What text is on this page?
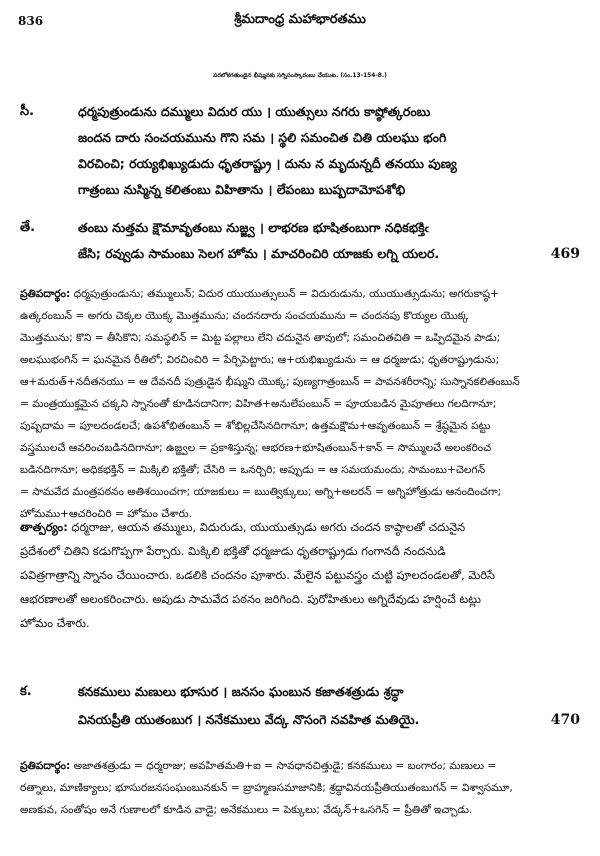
836	శ్రీమదాంధ్ర మహాభారతము
పరలోకగతుండైన భీష్మునకు సగ్నిసంస్కారంబు చేయుట. (సం.13-154-8.)
సీ.	ధర్మపుత్రుండును దమ్ములు విదుర యు । యుత్సులు నగరు కాష్ఠోత్కరంబు
జందన దారు సంచయమును గొని సమ । స్థలి సమంచిత చితి యలఘు భంగి
విరచించి; రయ్యభిఖ్యుడుదు ధృతరాష్ట్రు । దును న మృదున్నదీ తనయు పుణ్య
గాత్రంబు నుస్మిన్న కలితంబు విహితాను । లేపంబు బుష్పదామోపశోభి
తే.	తంబు నుత్తమ క్షౌమావృతంబు నుజ్జ్వ । లాభరణ భూషితంబుగా నధికభక్తిఁ
జేసి; రవ్వుడు సామంబు సెలగ హోమ । మాచరించిరి యాజకు లగ్ని యలర.	469
ప్రతిపదార్థం: ధర్మపుత్రుండును; తమ్ములున్; విదుర యుయుత్సులున్ = విదురుడును, యుయుత్సుడును; అగరుకాష్ఠ+
ఉత్కరంబున్ = అగరు చెక్కల యొక్క మొత్తమును; చందనదారు సంచయమును = చందనపు కొయ్యల యొక్క
మొత్తమును; కొని = తీసికొని; సమస్థలిన్ = మిట్ట పల్లాలు లేని చదునైన తావులో; సమంచితచితి = ఒప్పిదమైన పాడు;
అలఘుభంగిన్ = ఘనమైన రీతిలో; విరచించిరి = పేర్చిపెట్టారు; ఆ+యభిఖ్యుడును = ఆ ధర్మజుడు; ధృతరాష్ట్రుడును;
ఆ+మరుత్+నదీతనయు = ఆ దేవనదీ పుత్రుడైన భీష్ముని యొక్క; పుణ్యగాత్రంబున్ = పావనశరీరాన్ని; సుస్నానకలితంబున్
= మంత్రయుక్తమైన చక్కని స్నానంతో కూడినదానిగా; విహిత+అనులేపంబున్ = పూయబడిన మైపూతలు గలదిగానూ;
పుష్పదామ = పూలదండలచే; ఉపశోభితంబున్ = శోభిల్లచేసినదిగానూ; ఉత్తమక్షౌమ+ఆవృతంబున్ = శ్రేష్ఠమైన పట్టు
వస్త్రములచే ఆవరించబడినదిగానూ; ఉజ్జ్వల = ప్రకాశిస్తున్న; ఆభరణ+భూషితంబున్+కాన్ = సొమ్ములచే అలంకరించ
బడినదిగానూ; అధికభక్తిన్ = మిక్కిలి భక్తితో; చేసిరి = ఒనర్చిరి; అప్పుడు = ఆ సమయమందు; సామంబు+చెలగన్
= సామవేద మంత్రపఠనం అతిశయించగా; యాజకులు = ఋత్విక్కులు; అగ్ని+అలరన్ = అగ్నిహోత్రుడు ఆనందించగా;
హోమము+ఆచరించిరి = హోమం చేశారు.
తాత్పర్యం: ధర్మరాజు, ఆయన తమ్ములు, విదురుడు, యుయుత్సుడు అగరు చందన కాష్ఠాలతో చదునైన
ప్రదేశంలో చితిని కడుగొప్పగా పేర్చారు. మిక్కిలి భక్తితో ధర్మజుడు ధృతరాష్ట్రుడు గంగానదీ నందనుడి
పవిత్రగాత్రాన్ని స్నానం చేయించారు. ఒడలికి చందనం పూశారు. మేలైన పట్టువస్త్రం చుట్టి పూలదండలతో, మెరిసే
ఆభరణాలతో అలంకరించారు. అపుడు సామవేద పఠనం జరిగింది. పురోహితులు అగ్నిదేవుడు హర్షించే టట్లు
హోమం చేశారు.
క.	కనకములు మణులు భూసుర । జనసం ఘంబున కజాతశత్రుడు శ్రద్ధా
వినయప్రీతి యుతంబుగ । ననేకములు వేద్క నొసంగె నవహిత మతియై.	470
ప్రతిపదార్థం: అజాతశత్రుడు = ధర్మరాజు; అవహితమతి+ఐ = సావధానచిత్తుడై; కనకములు = బంగారం; మణులు =
రత్నాలు, మాణిక్యాలు; భూసురజనసంఘంబునకున్ = బ్రాహ్మణసమాజానికి; శ్రద్ధావినయప్రీతియుతంబుగన్ = విశ్వాసమూ,
అణకువ, సంతోషం అనే గుణాలలో కూడిన వాడై; అనేకములు = పెక్కులు; వేడ్కన్+ఒసగెన్ = ప్రీతితో ఇచ్చాడు.
